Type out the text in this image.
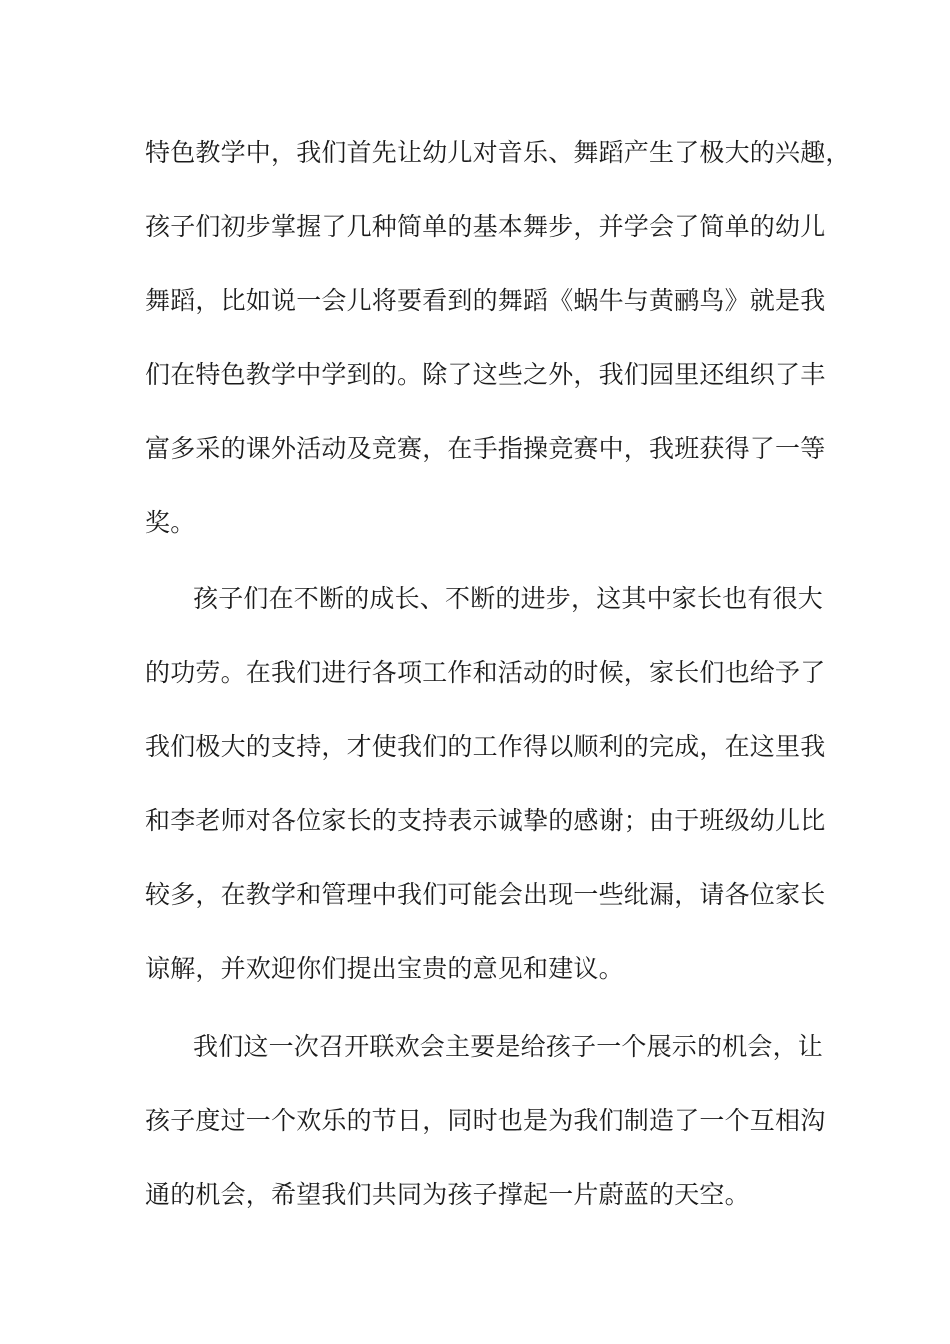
特色教学中，我们首先让幼儿对音乐、舞蹈产生了极大的兴趣，
孩子们初步掌握了几种简单的基本舞步，并学会了简单的幼儿
舞蹈，比如说一会儿将要看到的舞蹈《蜗牛与黄鹂鸟》就是我
们在特色教学中学到的。除了这些之外，我们园里还组织了丰
富多采的课外活动及竞赛，在手指操竞赛中，我班获得了一等
奖。
孩子们在不断的成长、不断的进步，这其中家长也有很大
的功劳。在我们进行各项工作和活动的时候，家长们也给予了
我们极大的支持，才使我们的工作得以顺利的完成，在这里我
和李老师对各位家长的支持表示诚挚的感谢；由于班级幼儿比
较多，在教学和管理中我们可能会出现一些纰漏，请各位家长
谅解，并欢迎你们提出宝贵的意见和建议。
我们这一次召开联欢会主要是给孩子一个展示的机会，让
孩子度过一个欢乐的节日，同时也是为我们制造了一个互相沟
通的机会，希望我们共同为孩子撑起一片蔚蓝的天空。
